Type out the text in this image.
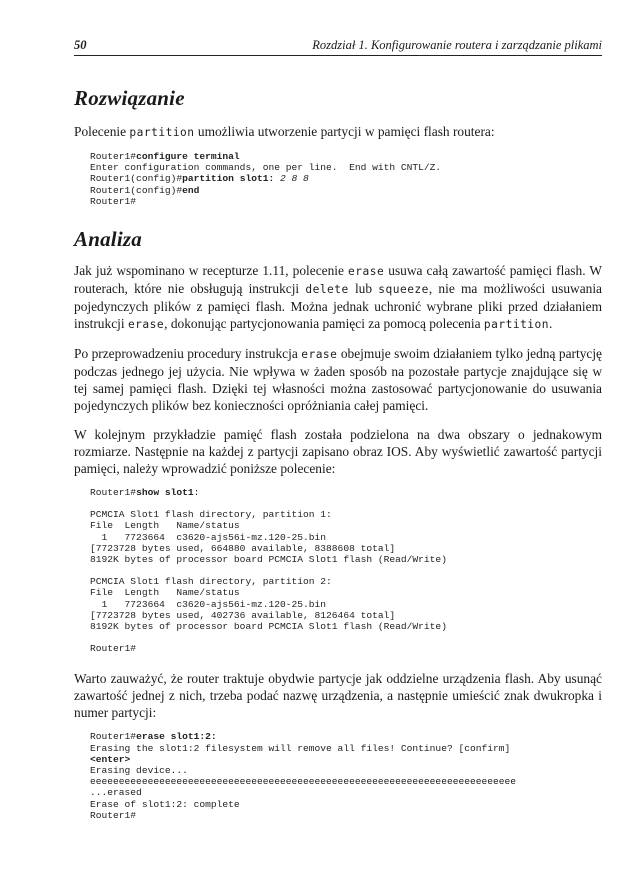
50	Rozdział 1. Konfigurowanie routera i zarządzanie plikami
Rozwiązanie

Polecenie partition umożliwia utworzenie partycji w pamięci flash routera:

Router1#configure terminal
Enter configuration commands, one per line.  End with CNTL/Z.
Router1(config)#partition slot1: 2 8 8
Router1(config)#end
Router1#
Analiza

Jak już wspominano w recepturze 1.11, polecenie erase usuwa całą zawartość pamięci flash. W routerach, które nie obsługują instrukcji delete lub squeeze, nie ma możliwości usuwania pojedynczych plików z pamięci flash. Można jednak uchronić wybrane pliki przed działaniem instrukcji erase, dokonując partycjonowania pamięci za pomocą polecenia partition.

Po przeprowadzeniu procedury instrukcja erase obejmuje swoim działaniem tylko jedną partycję podczas jednego jej użycia. Nie wpływa w żaden sposób na pozostałe partycje znajdujące się w tej samej pamięci flash. Dzięki tej własności można zastosować partycjonowanie do usuwania pojedynczych plików bez konieczności opróżniania całej pamięci.

W kolejnym przykładzie pamięć flash została podzielona na dwa obszary o jednakowym rozmiarze. Następnie na każdej z partycji zapisano obraz IOS. Aby wyświetlić zawartość partycji pamięci, należy wprowadzić poniższe polecenie:

Router1#show slot1:
PCMCIA Slot1 flash directory, partition 1:
File  Length   Name/status
1   7723664  c3620-ajs56i-mz.120-25.bin
[7723728 bytes used, 664880 available, 8388608 total]
8192K bytes of processor board PCMCIA Slot1 flash (Read/Write)
PCMCIA Slot1 flash directory, partition 2:
File  Length   Name/status
1   7723664  c3620-ajs56i-mz.120-25.bin
[7723728 bytes used, 402736 available, 8126464 total]
8192K bytes of processor board PCMCIA Slot1 flash (Read/Write)
Router1#

Warto zauważyć, że router traktuje obydwie partycje jak oddzielne urządzenia flash. Aby usunąć zawartość jednej z nich, trzeba podać nazwę urządzenia, a następnie umieścić znak dwukropka i numer partycji:

Router1#erase slot1:2:
Erasing the slot1:2 filesystem will remove all files! Continue? [confirm]
<enter>
Erasing device...
eeeeeeeeeeeeeeeeeeeeeeeeeeeeeeeeeeeeeeeeeeeeeeeeeeeeeeeeeeeeeeeeeeeeeeeeee
...erased
Erase of slot1:2: complete
Router1#
